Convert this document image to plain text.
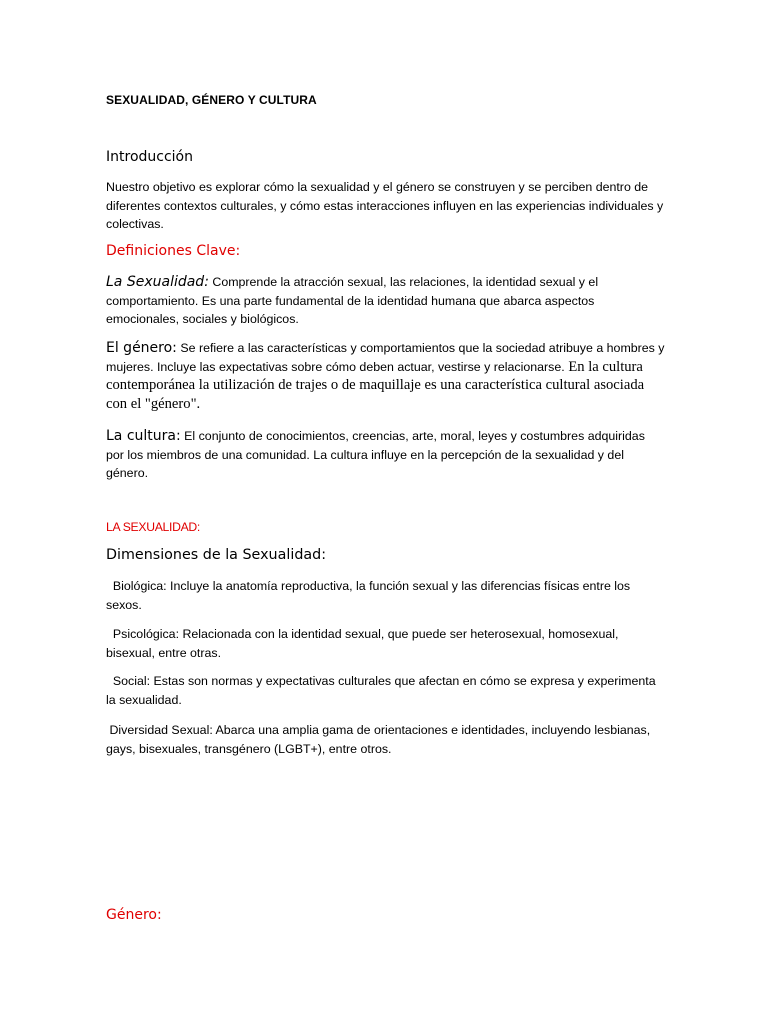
SEXUALIDAD, GÉNERO Y CULTURA

Introducción

Nuestro objetivo es explorar cómo la sexualidad y el género se construyen y se perciben dentro de diferentes contextos culturales, y cómo estas interacciones influyen en las experiencias individuales y colectivas.

Definiciones Clave:

La Sexualidad: Comprende la atracción sexual, las relaciones, la identidad sexual y el comportamiento. Es una parte fundamental de la identidad humana que abarca aspectos emocionales, sociales y biológicos.

El género: Se refiere a las características y comportamientos que la sociedad atribuye a hombres y mujeres. Incluye las expectativas sobre cómo deben actuar, vestirse y relacionarse. En la cultura contemporánea la utilización de trajes o de maquillaje es una característica cultural asociada con el "género".

La cultura: El conjunto de conocimientos, creencias, arte, moral, leyes y costumbres adquiridas por los miembros de una comunidad. La cultura influye en la percepción de la sexualidad y del género.

LA SEXUALIDAD:

Dimensiones de la Sexualidad:

Biológica: Incluye la anatomía reproductiva, la función sexual y las diferencias físicas entre los sexos.

Psicológica: Relacionada con la identidad sexual, que puede ser heterosexual, homosexual, bisexual, entre otras.

Social: Estas son normas y expectativas culturales que afectan en cómo se expresa y experimenta la sexualidad.

Diversidad Sexual: Abarca una amplia gama de orientaciones e identidades, incluyendo lesbianas, gays, bisexuales, transgénero (LGBT+), entre otros.

Género:
